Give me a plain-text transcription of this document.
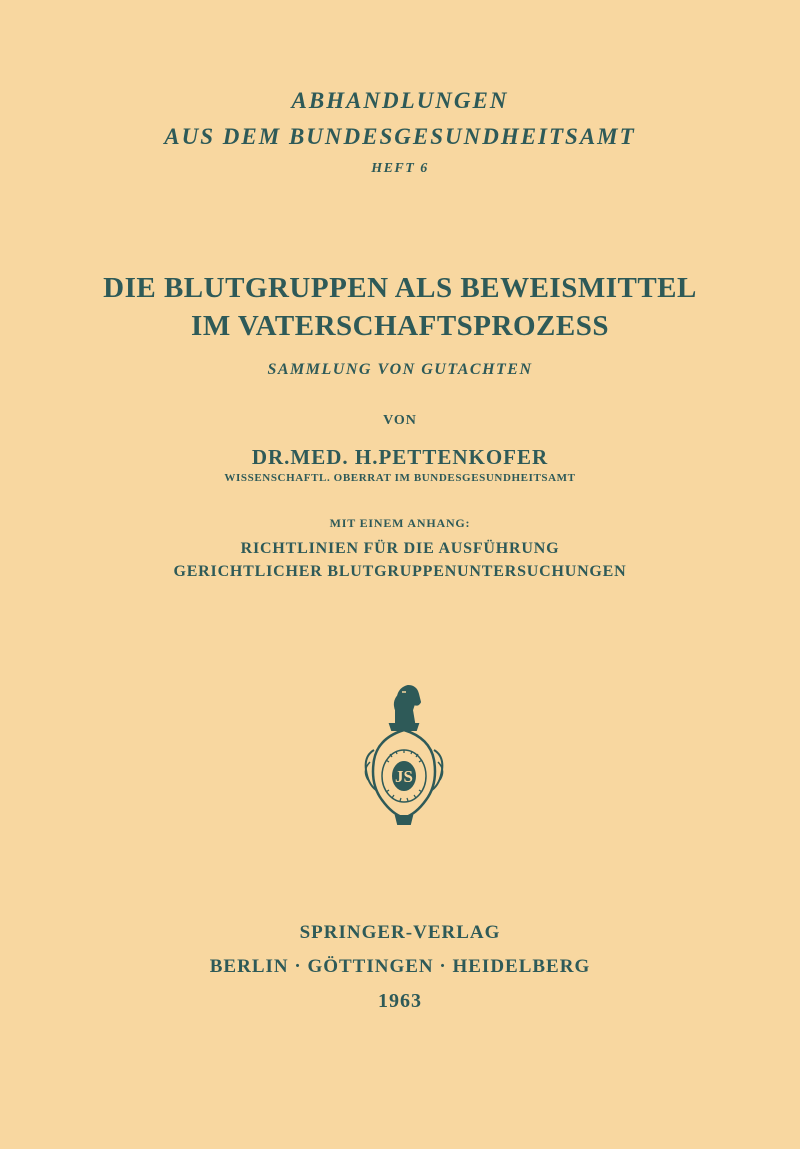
ABHANDLUNGEN
AUS DEM BUNDESGESUNDHEITSAMT
HEFT 6
DIE BLUTGRUPPEN ALS BEWEISMITTEL
IM VATERSCHAFTSPROZESS
SAMMLUNG VON GUTACHTEN
VON
DR.MED. H.PETTENKOFER
WISSENSCHAFTL. OBERRAT IM BUNDESGESUNDHEITSAMT
MIT EINEM ANHANG:
RICHTLINIEN FÜR DIE AUSFÜHRUNG
GERICHTLICHER BLUTGRUPPENUNTERSUCHUNGEN
JS
SPRINGER-VERLAG
BERLIN · GÖTTINGEN · HEIDELBERG
1963
